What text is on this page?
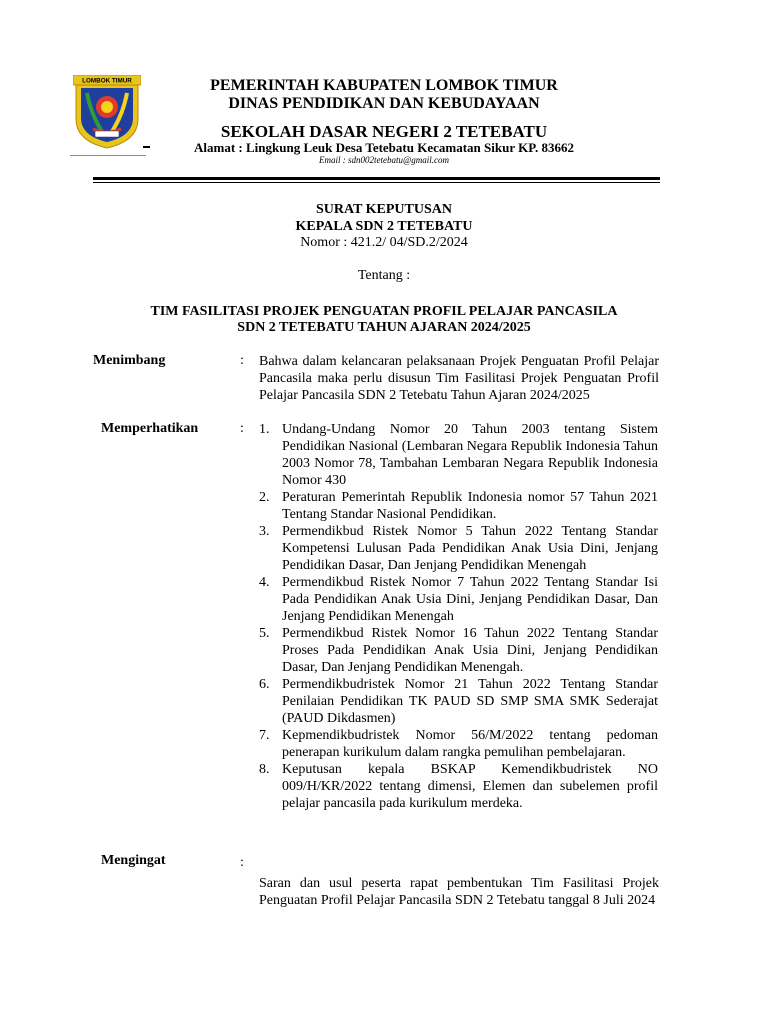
LOMBOK TIMUR	PEMERINTAH KABUPATEN LOMBOK TIMUR
DINAS PENDIDIKAN DAN KEBUDAYAAN
SEKOLAH DASAR NEGERI 2 TETEBATU
Alamat : Lingkung Leuk Desa Tetebatu Kecamatan Sikur KP. 83662
Email : sdn002tetebatu@gmail.com
SURAT KEPUTUSAN
KEPALA SDN 2 TETEBATU
Nomor : 421.2/ 04/SD.2/2024
Tentang :
TIM FASILITASI PROJEK PENGUATAN PROFIL PELAJAR PANCASILA
SDN 2 TETEBATU TAHUN AJARAN 2024/2025
Menimbang	: Bahwa dalam kelancaran pelaksanaan Projek Penguatan Profil Pelajar Pancasila maka perlu disusun Tim Fasilitasi Projek Penguatan Profil Pelajar Pancasila SDN 2 Tetebatu Tahun Ajaran 2024/2025
Memperhatikan	: 1. Undang-Undang Nomor 20 Tahun 2003 tentang Sistem Pendidikan Nasional (Lembaran Negara Republik Indonesia Tahun 2003 Nomor 78, Tambahan Lembaran Negara Republik Indonesia Nomor 430
2. Peraturan Pemerintah Republik Indonesia nomor 57 Tahun 2021 Tentang Standar Nasional Pendidikan.
3. Permendikbud Ristek Nomor 5 Tahun 2022 Tentang Standar Kompetensi Lulusan Pada Pendidikan Anak Usia Dini, Jenjang Pendidikan Dasar, Dan Jenjang Pendidikan Menengah
4. Permendikbud Ristek Nomor 7 Tahun 2022 Tentang Standar Isi Pada Pendidikan Anak Usia Dini, Jenjang Pendidikan Dasar, Dan Jenjang Pendidikan Menengah
5. Permendikbud Ristek Nomor 16 Tahun 2022 Tentang Standar Proses Pada Pendidikan Anak Usia Dini, Jenjang Pendidikan Dasar, Dan Jenjang Pendidikan Menengah.
6. Permendikbudristek Nomor 21 Tahun 2022 Tentang Standar Penilaian Pendidikan TK PAUD SD SMP SMA SMK Sederajat (PAUD Dikdasmen)
7. Kepmendikbudristek Nomor 56/M/2022 tentang pedoman penerapan kurikulum dalam rangka pemulihan pembelajaran.
8. Keputusan kepala BSKAP Kemendikbudristek NO 009/H/KR/2022 tentang dimensi, Elemen dan subelemen profil pelajar pancasila pada kurikulum merdeka.
Mengingat	:
Saran dan usul peserta rapat pembentukan Tim Fasilitasi Projek Penguatan Profil Pelajar Pancasila SDN 2 Tetebatu tanggal 8 Juli 2024
